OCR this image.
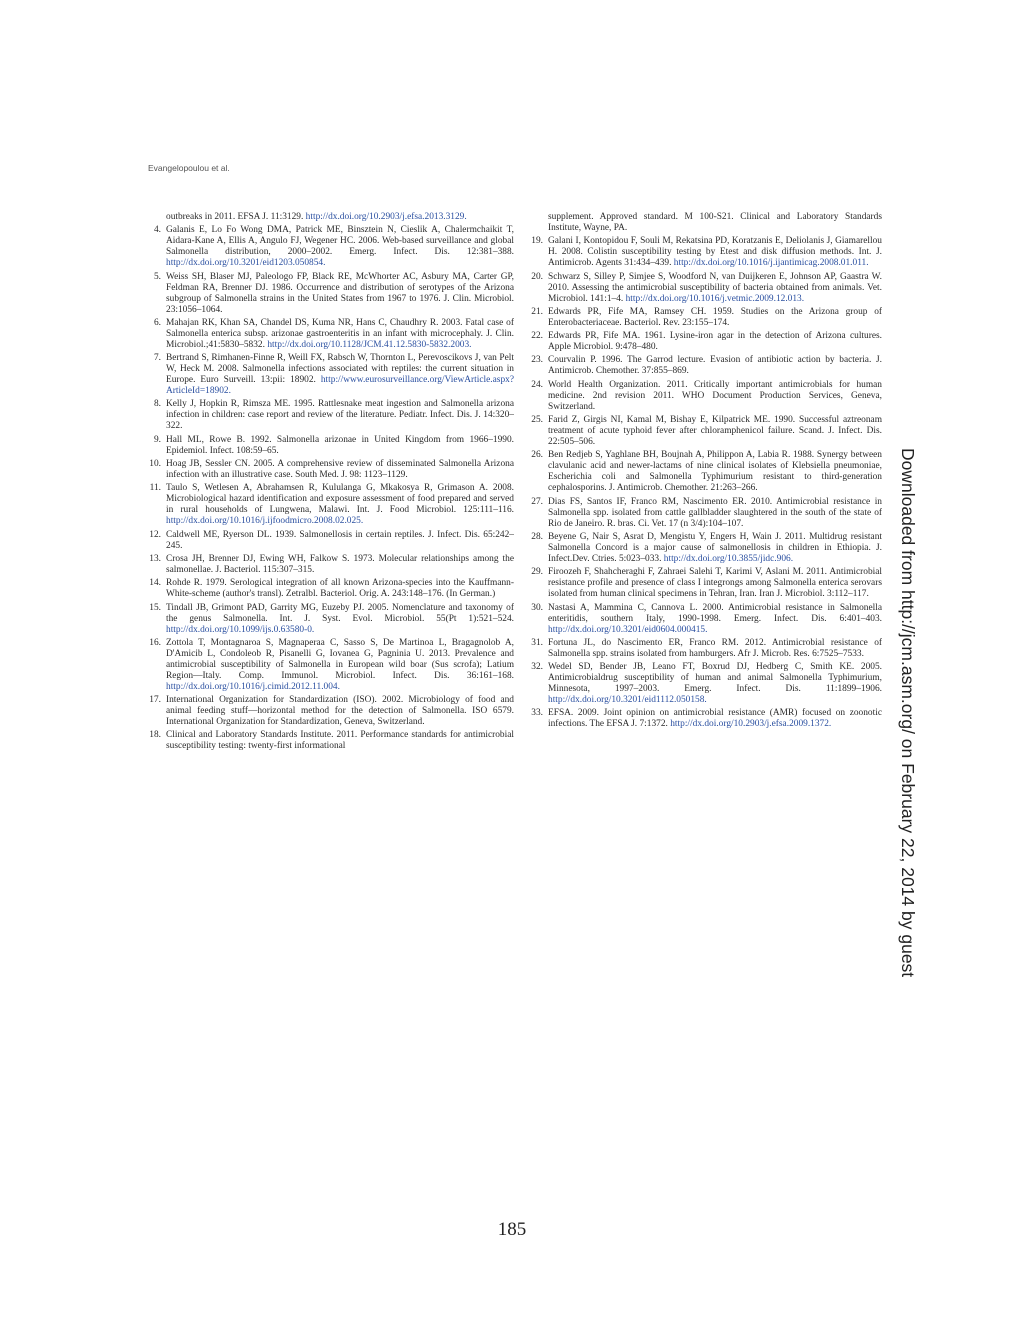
Evangelopoulou et al.
outbreaks in 2011. EFSA J. 11:3129. http://dx.doi.org/10.2903/j.efsa.2013.3129.
4. Galanis E, Lo Fo Wong DMA, Patrick ME, Binsztein N, Cieslik A, Chalermchaikit T, Aidara-Kane A, Ellis A, Angulo FJ, Wegener HC. 2006. Web-based surveillance and global Salmonella distribution, 2000–2002. Emerg. Infect. Dis. 12:381–388. http://dx.doi.org/10.3201/eid1203.050854.
5. Weiss SH, Blaser MJ, Paleologo FP, Black RE, McWhorter AC, Asbury MA, Carter GP, Feldman RA, Brenner DJ. 1986. Occurrence and distribution of serotypes of the Arizona subgroup of Salmonella strains in the United States from 1967 to 1976. J. Clin. Microbiol. 23:1056–1064.
6. Mahajan RK, Khan SA, Chandel DS, Kuma NR, Hans C, Chaudhry R. 2003. Fatal case of Salmonella enterica subsp. arizonae gastroenteritis in an infant with microcephaly. J. Clin. Microbiol.;41:5830–5832. http://dx.doi.org/10.1128/JCM.41.12.5830-5832.2003.
7. Bertrand S, Rimhanen-Finne R, Weill FX, Rabsch W, Thornton L, Perevoscikovs J, van Pelt W, Heck M. 2008. Salmonella infections associated with reptiles: the current situation in Europe. Euro Surveill. 13:pii: 18902. http://www.eurosurveillance.org/ViewArticle.aspx?ArticleId=18902.
8. Kelly J, Hopkin R, Rimsza ME. 1995. Rattlesnake meat ingestion and Salmonella arizona infection in children: case report and review of the literature. Pediatr. Infect. Dis. J. 14:320–322.
9. Hall ML, Rowe B. 1992. Salmonella arizonae in United Kingdom from 1966–1990. Epidemiol. Infect. 108:59–65.
10. Hoag JB, Sessler CN. 2005. A comprehensive review of disseminated Salmonella Arizona infection with an illustrative case. South Med. J. 98: 1123–1129.
11. Taulo S, Wetlesen A, Abrahamsen R, Kululanga G, Mkakosya R, Grimason A. 2008. Microbiological hazard identification and exposure assessment of food prepared and served in rural households of Lungwena, Malawi. Int. J. Food Microbiol. 125:111–116. http://dx.doi.org/10.1016/j.ijfoodmicro.2008.02.025.
12. Caldwell ME, Ryerson DL. 1939. Salmonellosis in certain reptiles. J. Infect. Dis. 65:242–245.
13. Crosa JH, Brenner DJ, Ewing WH, Falkow S. 1973. Molecular relationships among the salmonellae. J. Bacteriol. 115:307–315.
14. Rohde R. 1979. Serological integration of all known Arizona-species into the Kauffmann-White-scheme (author's transl). Zetralbl. Bacteriol. Orig. A. 243:148–176. (In German.)
15. Tindall JB, Grimont PAD, Garrity MG, Euzeby PJ. 2005. Nomenclature and taxonomy of the genus Salmonella. Int. J. Syst. Evol. Microbiol. 55(Pt 1):521–524. http://dx.doi.org/10.1099/ijs.0.63580-0.
16. Zottola T, Montagnaroa S, Magnaperaa C, Sasso S, De Martinoa L, Bragagnolob A, D'Amicib L, Condoleob R, Pisanelli G, Iovanea G, Pagninia U. 2013. Prevalence and antimicrobial susceptibility of Salmonella in European wild boar (Sus scrofa); Latium Region—Italy. Comp. Immunol. Microbiol. Infect. Dis. 36:161–168. http://dx.doi.org/10.1016/j.cimid.2012.11.004.
17. International Organization for Standardization (ISO). 2002. Microbiology of food and animal feeding stuff—horizontal method for the detection of Salmonella. ISO 6579. International Organization for Standardization, Geneva, Switzerland.
18. Clinical and Laboratory Standards Institute. 2011. Performance standards for antimicrobial susceptibility testing: twenty-first informational
supplement. Approved standard. M 100-S21. Clinical and Laboratory Standards Institute, Wayne, PA.
19. Galani I, Kontopidou F, Souli M, Rekatsina PD, Koratzanis E, Deliolanis J, Giamarellou H. 2008. Colistin susceptibility testing by Etest and disk diffusion methods. Int. J. Antimicrob. Agents 31:434–439. http://dx.doi.org/10.1016/j.ijantimicag.2008.01.011.
20. Schwarz S, Silley P, Simjee S, Woodford N, van Duijkeren E, Johnson AP, Gaastra W. 2010. Assessing the antimicrobial susceptibility of bacteria obtained from animals. Vet. Microbiol. 141:1–4. http://dx.doi.org/10.1016/j.vetmic.2009.12.013.
21. Edwards PR, Fife MA, Ramsey CH. 1959. Studies on the Arizona group of Enterobacteriaceae. Bacteriol. Rev. 23:155–174.
22. Edwards PR, Fife MA. 1961. Lysine-iron agar in the detection of Arizona cultures. Apple Microbiol. 9:478–480.
23. Courvalin P. 1996. The Garrod lecture. Evasion of antibiotic action by bacteria. J. Antimicrob. Chemother. 37:855–869.
24. World Health Organization. 2011. Critically important antimicrobials for human medicine. 2nd revision 2011. WHO Document Production Services, Geneva, Switzerland.
25. Farid Z, Girgis NI, Kamal M, Bishay E, Kilpatrick ME. 1990. Successful aztreonam treatment of acute typhoid fever after chloramphenicol failure. Scand. J. Infect. Dis. 22:505–506.
26. Ben Redjeb S, Yaghlane BH, Boujnah A, Philippon A, Labia R. 1988. Synergy between clavulanic acid and newer-lactams of nine clinical isolates of Klebsiella pneumoniae, Escherichia coli and Salmonella Typhimurium resistant to third-generation cephalosporins. J. Antimicrob. Chemother. 21:263–266.
27. Dias FS, Santos IF, Franco RM, Nascimento ER. 2010. Antimicrobial resistance in Salmonella spp. isolated from cattle gallbladder slaughtered in the south of the state of Rio de Janeiro. R. bras. Ci. Vet. 17 (n 3/4):104–107.
28. Beyene G, Nair S, Asrat D, Mengistu Y, Engers H, Wain J. 2011. Multidrug resistant Salmonella Concord is a major cause of salmonellosis in children in Ethiopia. J. Infect.Dev. Ctries. 5:023–033. http://dx.doi.org/10.3855/jidc.906.
29. Firoozeh F, Shahcheraghi F, Zahraei Salehi T, Karimi V, Aslani M. 2011. Antimicrobial resistance profile and presence of class I integrongs among Salmonella enterica serovars isolated from human clinical specimens in Tehran, Iran. Iran J. Microbiol. 3:112–117.
30. Nastasi A, Mammina C, Cannova L. 2000. Antimicrobial resistance in Salmonella enteritidis, southern Italy, 1990-1998. Emerg. Infect. Dis. 6:401–403. http://dx.doi.org/10.3201/eid0604.000415.
31. Fortuna JL, do Nascimento ER, Franco RM. 2012. Antimicrobial resistance of Salmonella spp. strains isolated from hamburgers. Afr J. Microb. Res. 6:7525–7533.
32. Wedel SD, Bender JB, Leano FT, Boxrud DJ, Hedberg C, Smith KE. 2005. Antimicrobialdrug susceptibility of human and animal Salmonella Typhimurium, Minnesota, 1997–2003. Emerg. Infect. Dis. 11:1899–1906. http://dx.doi.org/10.3201/eid1112.050158.
33. EFSA. 2009. Joint opinion on antimicrobial resistance (AMR) focused on zoonotic infections. The EFSA J. 7:1372. http://dx.doi.org/10.2903/j.efsa.2009.1372.
185
Downloaded from http://jcm.asm.org/ on February 22, 2014 by guest
